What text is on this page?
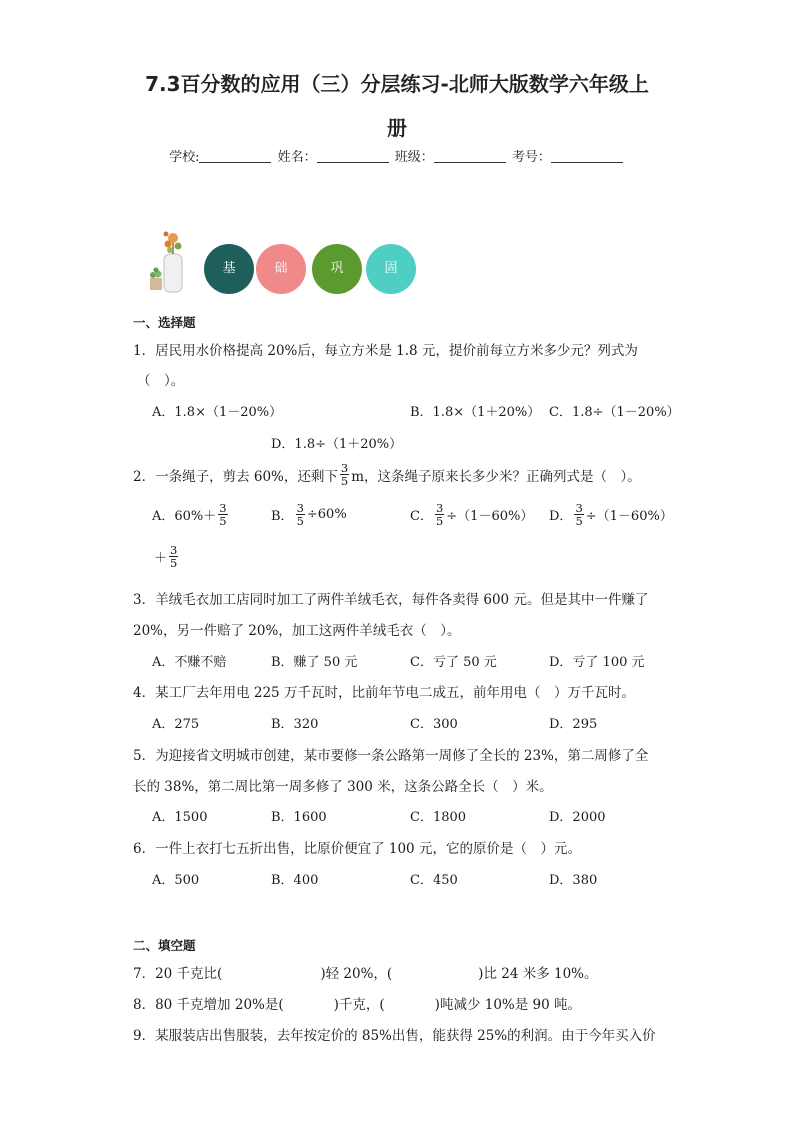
7.3百分数的应用（三）分层练习-北师大版数学六年级上
册
学校:	姓名：	班级：	考号：
基	础	巩	固
一、选择题
1．居民用水价格提高 20%后，每立方米是 1.8 元，提价前每立方米多少元？列式为
（　）。
A．1.8×（1－20%）	B．1.8×（1＋20%） C．1.8÷（1－20%）
D．1.8÷（1＋20%）
2．一条绳子，剪去 60%，还剩下 $\frac{3}{5}$ m，这条绳子原来长多少米？正确列式是（　）。
A．$60\%+ \frac{3}{5}$	B． $\frac{3}{5} \div 60\%$	C． $\frac{3}{5} \div(1-60\%)$ D． $\frac{3}{5} \div(1-60\%)$
＋ $\frac{3}{5}$
3．羊绒毛衣加工店同时加工了两件羊绒毛衣，每件各卖得 600 元。但是其中一件赚了
20%，另一件赔了 20%，加工这两件羊绒毛衣（　）。
A．不赚不赔	B．赚了 50 元	C．亏了 50 元	D．亏了 100 元
4．某工厂去年用电 225 万千瓦时，比前年节电二成五，前年用电（　）万千瓦时。
A．275	B．320	C．300	D．295
5．为迎接省文明城市创建，某市要修一条公路第一周修了全长的 23%，第二周修了全
长的 38%，第二周比第一周多修了 300 米，这条公路全长（　）米。
A．1500	B．1600	C．1800	D．2000
6．一件上衣打七五折出售，比原价便宜了 100 元，它的原价是（　）元。
A．500	B．400	C．450	D．380
二、填空题
7．20 千克比(	)轻 20%，(	)比 24 米多 10%。
8．80 千克增加 20%是(	)千克，(	)吨减少 10%是 90 吨。
9．某服装店出售服装，去年按定价的 85%出售，能获得 25%的利润。由于今年买入价
